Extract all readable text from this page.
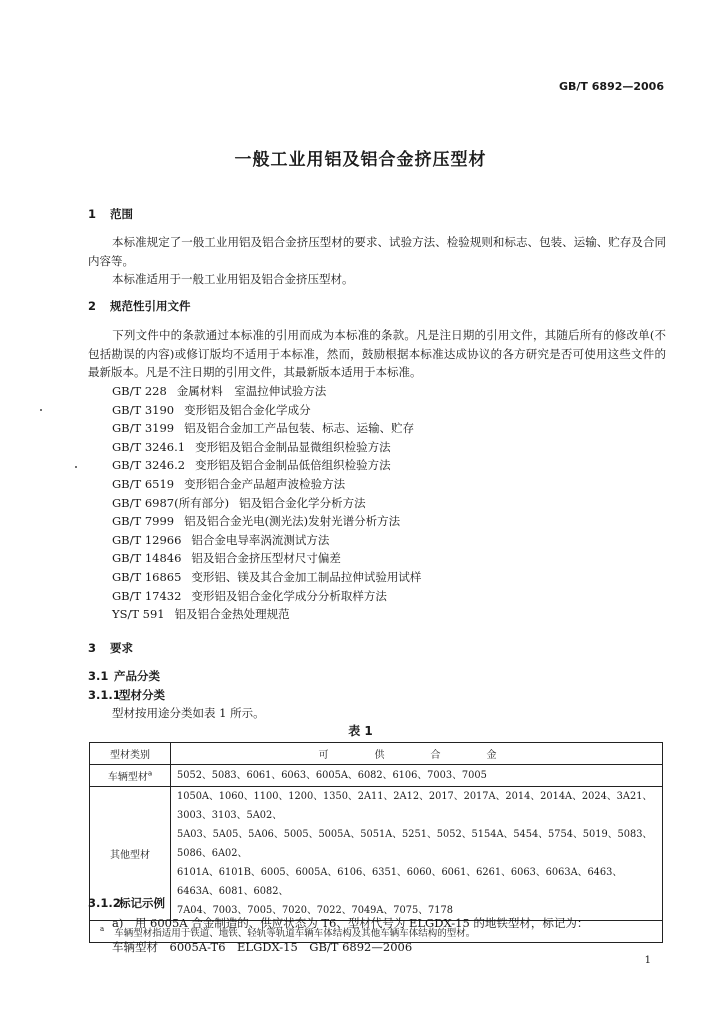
GB/T 6892—2006
一般工业用铝及铝合金挤压型材
1 范围
本标准规定了一般工业用铝及铝合金挤压型材的要求、试验方法、检验规则和标志、包装、运输、贮存及合同内容等。
本标准适用于一般工业用铝及铝合金挤压型材。
2 规范性引用文件
下列文件中的条款通过本标准的引用而成为本标准的条款。凡是注日期的引用文件，其随后所有的修改单(不包括勘误的内容)或修订版均不适用于本标准，然而，鼓励根据本标准达成协议的各方研究是否可使用这些文件的最新版本。凡是不注日期的引用文件，其最新版本适用于本标准。
GB/T 228 金属材料　室温拉伸试验方法
GB/T 3190 变形铝及铝合金化学成分
GB/T 3199 铝及铝合金加工产品包装、标志、运输、贮存
GB/T 3246.1 变形铝及铝合金制品显微组织检验方法
GB/T 3246.2 变形铝及铝合金制品低倍组织检验方法
GB/T 6519 变形铝合金产品超声波检验方法
GB/T 6987(所有部分) 铝及铝合金化学分析方法
GB/T 7999 铝及铝合金光电(测光法)发射光谱分析方法
GB/T 12966 铝合金电导率涡流测试方法
GB/T 14846 铝及铝合金挤压型材尺寸偏差
GB/T 16865 变形铝、镁及其合金加工制品拉伸试验用试样
GB/T 17432 变形铝及铝合金化学成分分析取样方法
YS/T 591 铝及铝合金热处理规范
3 要求
3.1 产品分类
3.1.1型材分类
型材按用途分类如表 1 所示。
表 1
型材类别	可　供　合　金
车辆型材$^a$	5052、5083、6061、6063、6005A、6082、6106、7003、7005
其他型材	1050A、1060、1100、1200、1350、2A11、2A12、2017、2017A、2014、2014A、2024、3A21、3003、3103、5A02、
5A03、5A05、5A06、5005、5005A、5051A、5251、5052、5154A、5454、5754、5019、5083、5086、6A02、
6101A、6101B、6005、6005A、6106、6351、6060、6061、6261、6063、6063A、6463、6463A、6081、6082、
7A04、7003、7005、7020、7022、7049A、7075、7178

$^a$ 车辆型材指适用于铁道、地铁、轻轨等轨道车辆车体结构及其他车辆车体结构的型材。	
3.1.2标记示例
a)　用 6005A 合金制造的、供应状态为 T6、型材代号为 ELGDX-15 的地铁型材，标记为：
车辆型材　6005A-T6　ELGDX-15　GB/T 6892—2006
1
